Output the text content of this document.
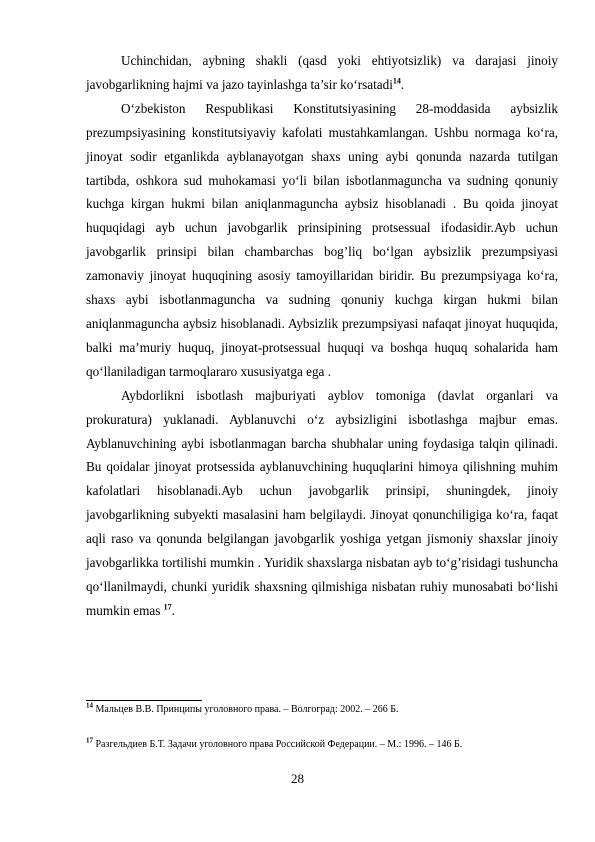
Uchinchidan, aybning shakli (qasd yoki ehtiyotsizlik) va darajasi jinoiy javobgarlikning hajmi va jazo tayinlashga ta’sir ko‘rsatadi$^{14}$.

O‘zbekiston Respublikasi Konstitutsiyasining 28-moddasida aybsizlik prezumpsiyasining konstitutsiyaviy kafolati mustahkamlangan. Ushbu normaga ko‘ra, jinoyat sodir etganlikda ayblanayotgan shaxs uning aybi qonunda nazarda tutilgan tartibda, oshkora sud muhokamasi yo‘li bilan isbotlanmaguncha va sudning qonuniy kuchga kirgan hukmi bilan aniqlanmaguncha aybsiz hisoblanadi . Bu qoida jinoyat huquqidagi ayb uchun javobgarlik prinsipining protsessual ifodasidir.Ayb uchun javobgarlik prinsipi bilan chambarchas bog’liq bo‘lgan aybsizlik prezumpsiyasi zamonaviy jinoyat huquqining asosiy tamoyillaridan biridir. Bu prezumpsiyaga ko‘ra, shaxs aybi isbotlanmaguncha va sudning qonuniy kuchga kirgan hukmi bilan aniqlanmaguncha aybsiz hisoblanadi. Aybsizlik prezumpsiyasi nafaqat jinoyat huquqida, balki ma’muriy huquq, jinoyat-protsessual huquqi va boshqa huquq sohalarida ham qo‘llaniladigan tarmoqlararo xususiyatga ega .

Aybdorlikni isbotlash majburiyati ayblov tomoniga (davlat organlari va prokuratura) yuklanadi. Ayblanuvchi o‘z aybsizligini isbotlashga majbur emas. Ayblanuvchining aybi isbotlanmagan barcha shubhalar uning foydasiga talqin qilinadi. Bu qoidalar jinoyat protsessida ayblanuvchining huquqlarini himoya qilishning muhim kafolatlari hisoblanadi.Ayb uchun javobgarlik prinsipi, shuningdek, jinoiy javobgarlikning subyekti masalasini ham belgilaydi. Jinoyat qonunchiligiga ko‘ra, faqat aqli raso va qonunda belgilangan javobgarlik yoshiga yetgan jismoniy shaxslar jinoiy javobgarlikka tortilishi mumkin . Yuridik shaxslarga nisbatan ayb to‘g’risidagi tushuncha qo‘llanilmaydi, chunki yuridik shaxsning qilmishiga nisbatan ruhiy munosabati bo‘lishi mumkin emas $^{17}$.

$^{14}$ Мальцев В.В. Принципы уголовного права. – Волгоград: 2002. – 266 Б.
$^{17}$ Разгельдиев Б.Т. Задачи уголовного права Российской Федерации. – М.: 1996. – 146 Б.
28
